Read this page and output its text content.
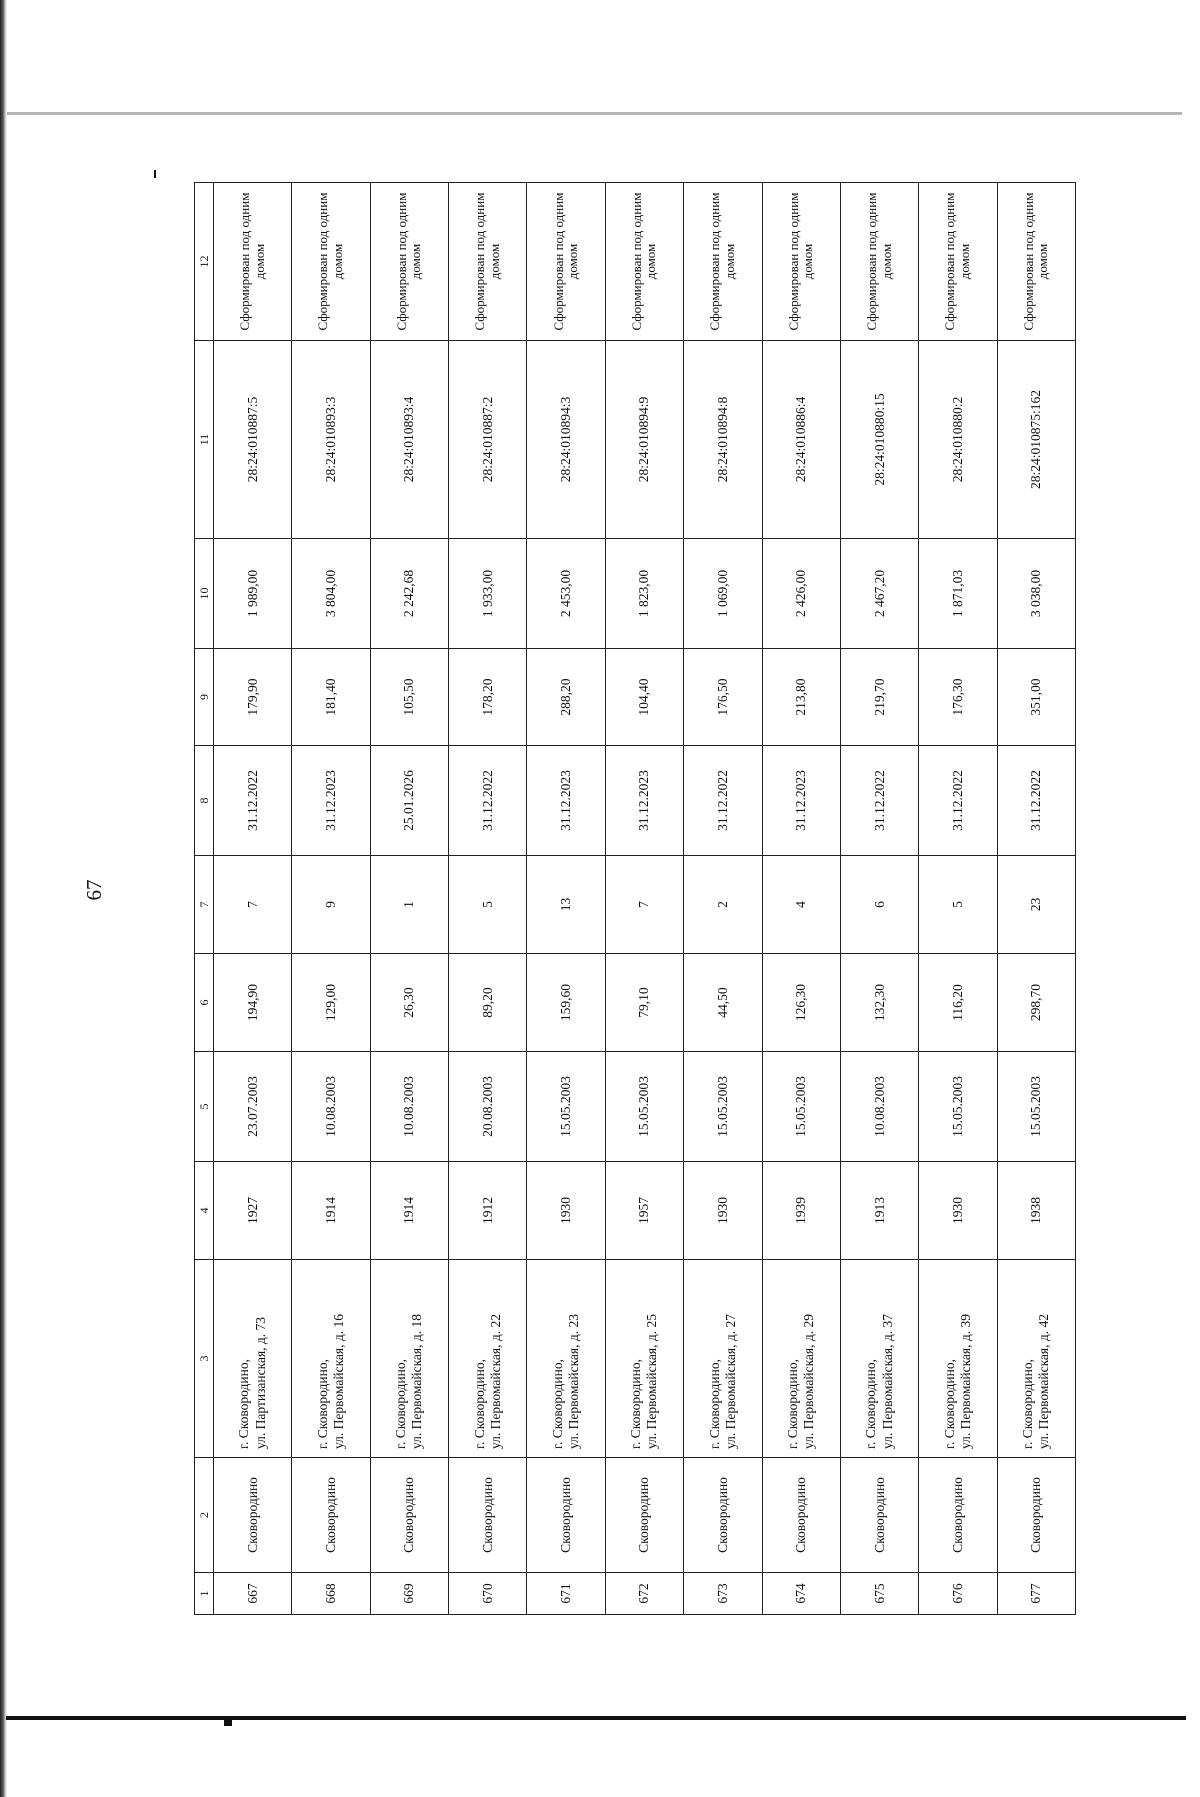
67
1	2	3	4	5	6	7	8	9	10	11	12
667	Сковородино	г. Сковородино, ул. Партизанская, д. 73	1927	23.07.2003	194,90	7	31.12.2022	179,90	1 989,00	28:24:010887:5	Сформирован под одним домом
668	Сковородино	г. Сковородино, ул. Первомайская, д. 16	1914	10.08.2003	129,00	9	31.12.2023	181,40	3 804,00	28:24:010893:3	Сформирован под одним домом
669	Сковородино	г. Сковородино, ул. Первомайская, д. 18	1914	10.08.2003	26,30	1	25.01.2026	105,50	2 242,68	28:24:010893:4	Сформирован под одним домом
670	Сковородино	г. Сковородино, ул. Первомайская, д. 22	1912	20.08.2003	89,20	5	31.12.2022	178,20	1 933,00	28:24:010887:2	Сформирован под одним домом
671	Сковородино	г. Сковородино, ул. Первомайская, д. 23	1930	15.05.2003	159,60	13	31.12.2023	288,20	2 453,00	28:24:010894:3	Сформирован под одним домом
672	Сковородино	г. Сковородино, ул. Первомайская, д. 25	1957	15.05.2003	79,10	7	31.12.2023	104,40	1 823,00	28:24:010894:9	Сформирован под одним домом
673	Сковородино	г. Сковородино, ул. Первомайская, д. 27	1930	15.05.2003	44,50	2	31.12.2022	176,50	1 069,00	28:24:010894:8	Сформирован под одним домом
674	Сковородино	г. Сковородино, ул. Первомайская, д. 29	1939	15.05.2003	126,30	4	31.12.2023	213,80	2 426,00	28:24:010886:4	Сформирован под одним домом
675	Сковородино	г. Сковородино, ул. Первомайская, д. 37	1913	10.08.2003	132,30	6	31.12.2022	219,70	2 467,20	28:24:010880:15	Сформирован под одним домом
676	Сковородино	г. Сковородино, ул. Первомайская, д. 39	1930	15.05.2003	116,20	5	31.12.2022	176,30	1 871,03	28:24:010880:2	Сформирован под одним домом
677	Сковородино	г. Сковородино, ул. Первомайская, д. 42	1938	15.05.2003	298,70	23	31.12.2022	351,00	3 038,00	28:24:010875:162	Сформирован под одним домом
